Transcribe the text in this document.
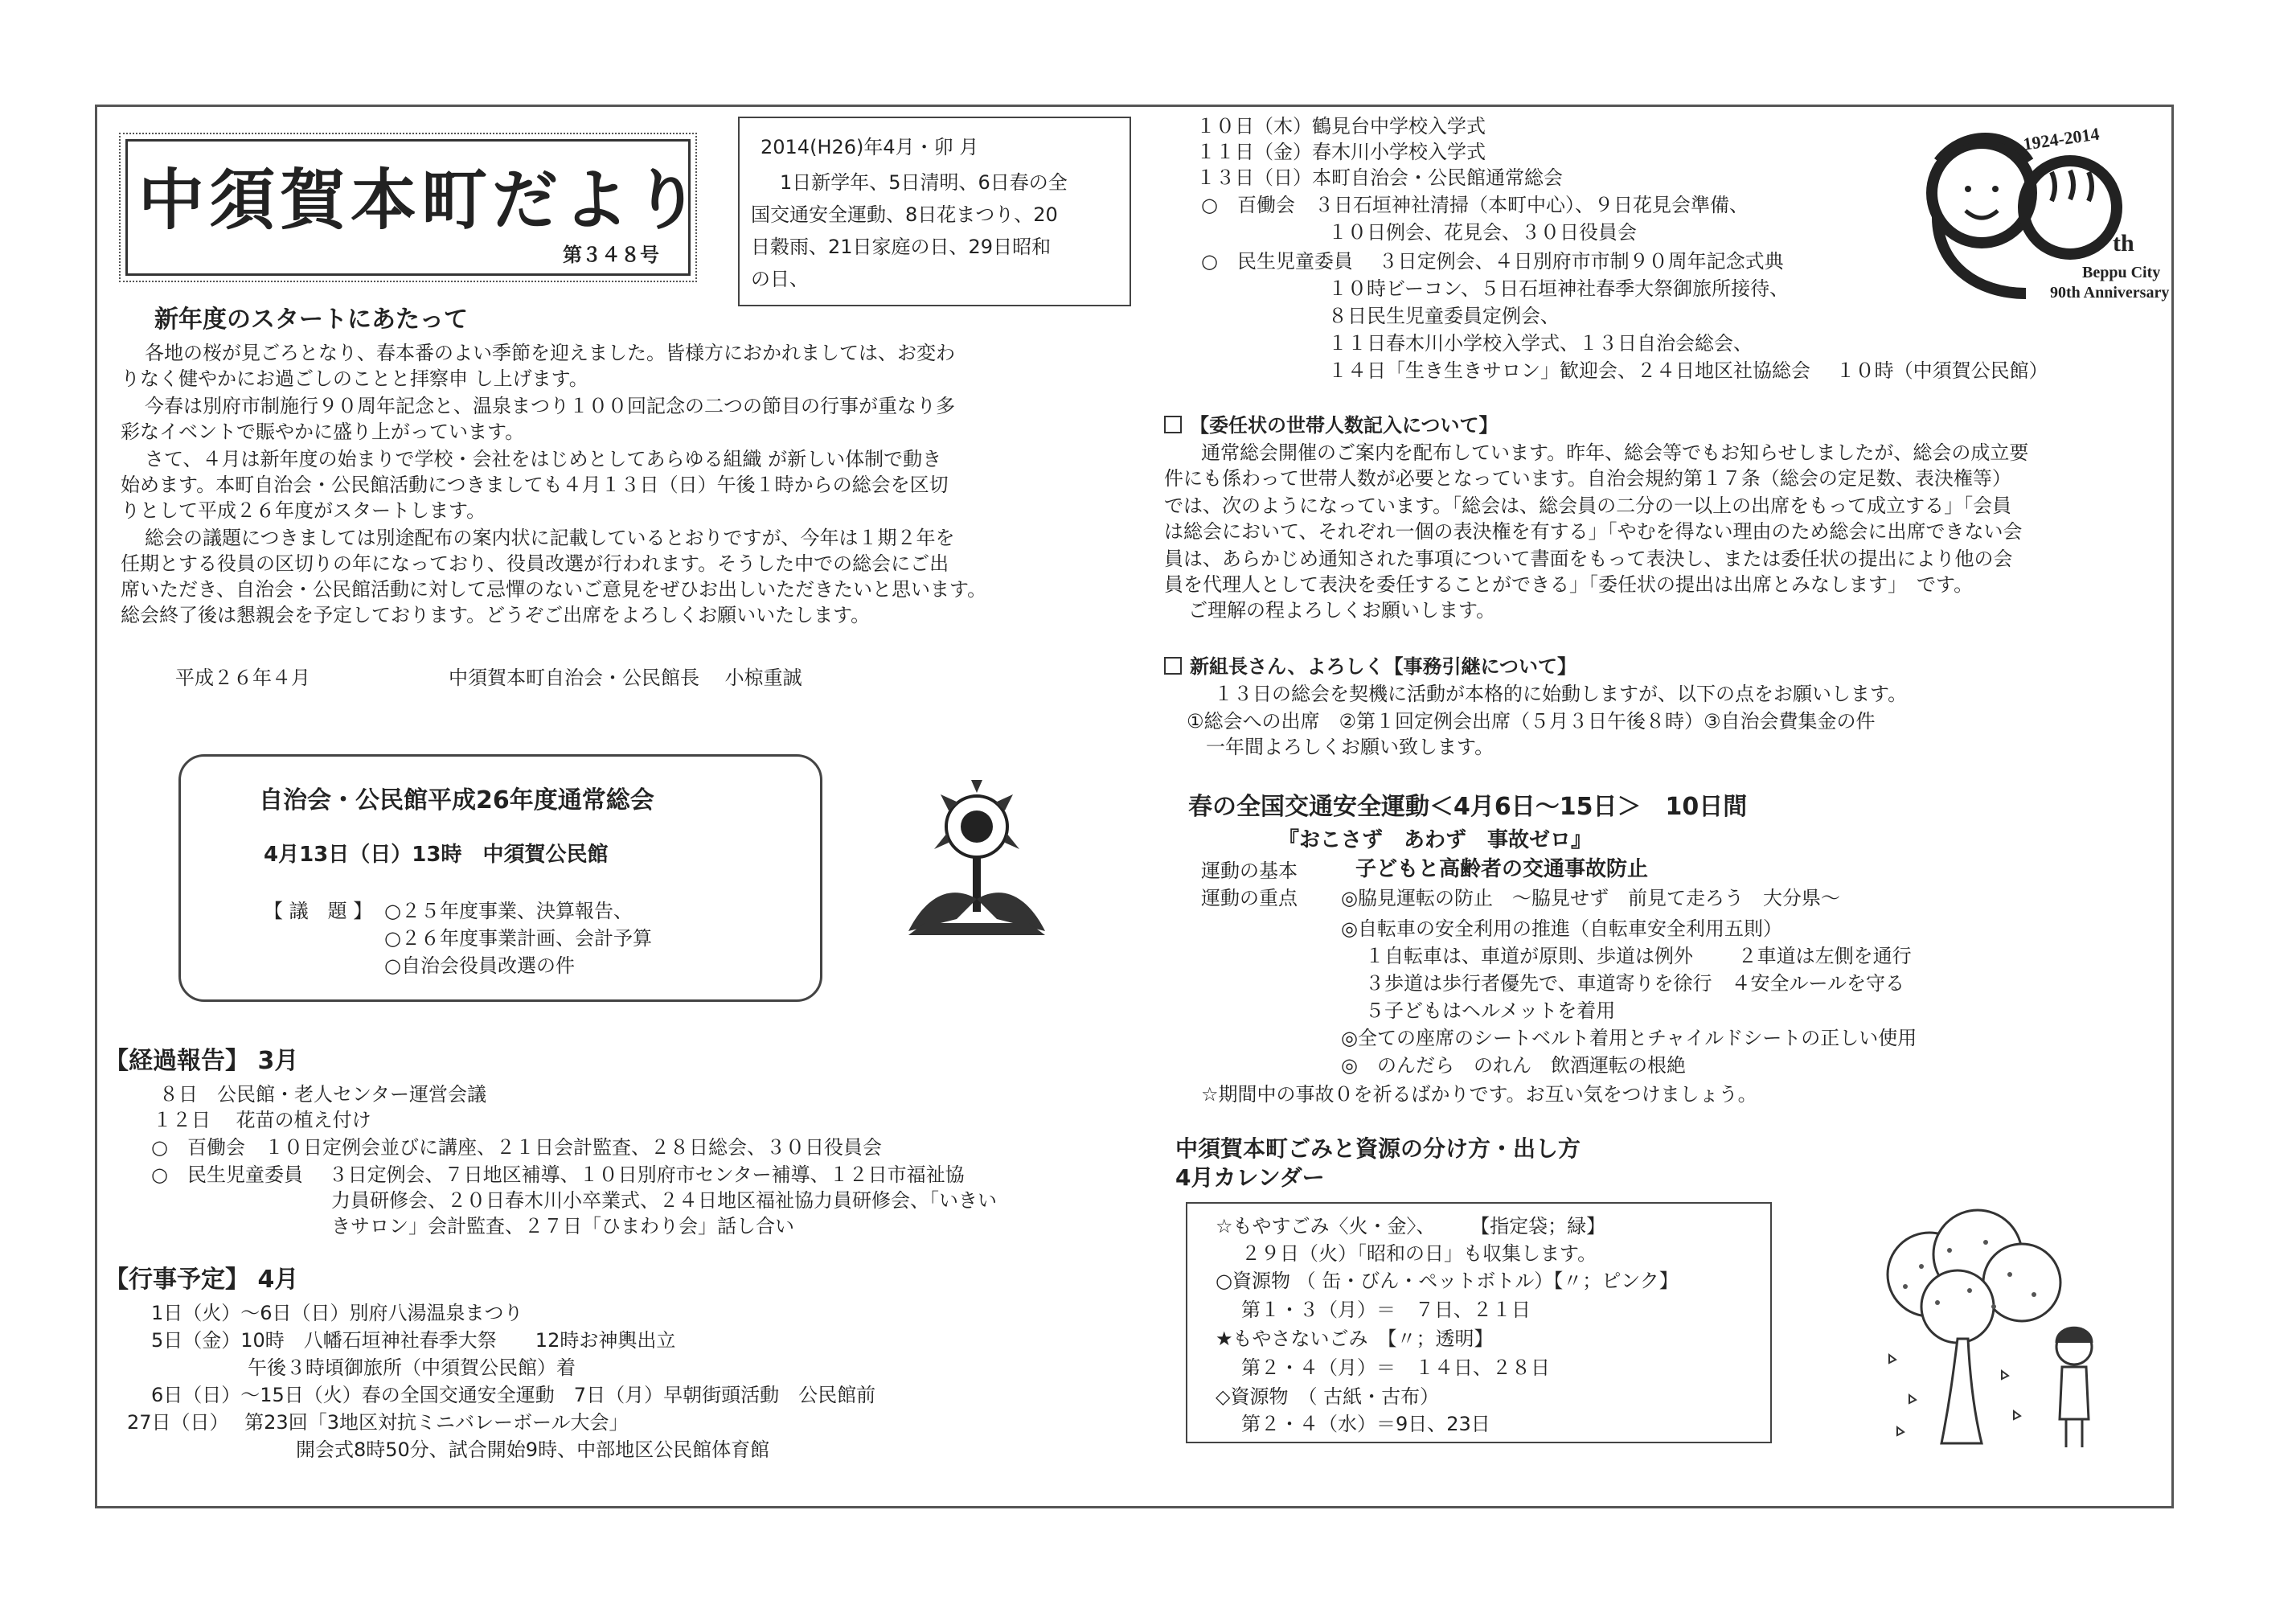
中須賀本町だより
第３４８号
2014(H26)年4月・卯 月
1日新学年、5日清明、6日春の全
国交通安全運動、8日花まつり、20
日穀雨、21日家庭の日、29日昭和
の日、
新年度のスタートにあたって
各地の桜が見ごろとなり、春本番のよい季節を迎えました。皆様方におかれましては、お変わ
りなく健やかにお過ごしのことと拝察申 し上げます。
今春は別府市制施行９０周年記念と、温泉まつり１００回記念の二つの節目の行事が重なり多
彩なイベントで賑やかに盛り上がっています。
さて、４月は新年度の始まりで学校・会社をはじめとしてあらゆる組織 が新しい体制で動き
始めます。本町自治会・公民館活動につきましても４月１３日（日）午後１時からの総会を区切
りとして平成２６年度がスタートします。
総会の議題につきましては別途配布の案内状に記載しているとおりですが、今年は１期２年を
任期とする役員の区切りの年になっており、役員改選が行われます。そうした中での総会にご出
席いただき、自治会・公民館活動に対して忌憚のないご意見をぜひお出しいただきたいと思います。
総会終了後は懇親会を予定しております。どうぞご出席をよろしくお願いいたします。
平成２６年４月	中須賀本町自治会・公民館長　 小椋重誠
自治会・公民館平成26年度通常総会
4月13日（日）13時　中須賀公民館
【 議　題 】 ○２５年度事業、決算報告、
○２６年度事業計画、会計予算
○自治会役員改選の件
【経過報告】 3月
８日　公民館・老人センター運営会議
１２日　 花苗の植え付け
○　百働会　１０日定例会並びに講座、２１日会計監査、２８日総会、３０日役員会
○　民生児童委員　 ３日定例会、７日地区補導、１０日別府市センター補導、１２日市福祉協
力員研修会、２０日春木川小卒業式、２４日地区福祉協力員研修会、「いきい
きサロン」会計監査、２７日「ひまわり会」話し合い
【行事予定】 4月
1日（火）～6日（日）別府八湯温泉まつり
5日（金）10時　八幡石垣神社春季大祭　　12時お神輿出立
午後３時頃御旅所（中須賀公民館）着
6日（日）～15日（火）春の全国交通安全運動　7日（月）早朝街頭活動　公民館前
27日（日）　 第23回「3地区対抗ミニバレーボール大会」
開会式8時50分、試合開始9時、中部地区公民館体育館
１０日（木）鶴見台中学校入学式
１１日（金）春木川小学校入学式
１３日（日）本町自治会・公民館通常総会
○　百働会　３日石垣神社清掃（本町中心）、９日花見会準備、
１０日例会、花見会、３０日役員会
○　民生児童委員　 ３日定例会、４日別府市市制９０周年記念式典
１０時ビーコン、５日石垣神社春季大祭御旅所接待、
８日民生児童委員定例会、
１１日春木川小学校入学式、１３日自治会総会、
１４日「生き生きサロン」歓迎会、２４日地区社協総会　 １０時（中須賀公民館）
1924-2014
th
Beppu City
90th Anniversary
【委任状の世帯人数記入について】
通常総会開催のご案内を配布しています。昨年、総会等でもお知らせしましたが、総会の成立要
件にも係わって世帯人数が必要となっています。自治会規約第１７条（総会の定足数、表決権等）
では、次のようになっています。「総会は、総会員の二分の一以上の出席をもって成立する」「会員
は総会において、それぞれ一個の表決権を有する」「やむを得ない理由のため総会に出席できない会
員は、あらかじめ通知された事項について書面をもって表決し、または委任状の提出により他の会
員を代理人として表決を委任することができる」「委任状の提出は出席とみなします」　です。
ご理解の程よろしくお願いします。
新組長さん、よろしく【事務引継について】
１３日の総会を契機に活動が本格的に始動しますが、以下の点をお願いします。
①総会への出席　②第１回定例会出席（５月３日午後８時）③自治会費集金の件
一年間よろしくお願い致します。
春の全国交通安全運動＜4月6日～15日＞　10日間
『おこさず　あわず　事故ゼロ』
運動の基本	子どもと高齢者の交通事故防止
運動の重点 ◎脇見運転の防止　～脇見せず　前見て走ろう　大分県～
◎自転車の安全利用の推進（自転車安全利用五則）
１自転車は、車道が原則、歩道は例外　　 ２車道は左側を通行
３歩道は歩行者優先で、車道寄りを徐行　４安全ルールを守る
５子どもはヘルメットを着用
◎全ての座席のシートベルト着用とチャイルドシートの正しい使用
◎　のんだら　のれん　飲酒運転の根絶
☆期間中の事故０を祈るばかりです。お互い気をつけましょう。
中須賀本町ごみと資源の分け方・出し方
4月カレンダー
☆もやすごみ〈火・金〉、　　 【指定袋；緑】
２９日（火）「昭和の日」も収集します。
○資源物 （ 缶・びん・ペットボトル）【〃；ピンク】
第１・３（月）＝　７日、２１日
★もやさないごみ　【〃；透明】
第２・４（月）＝　１４日、２８日
◇資源物　（ 古紙・古布）
第２・４（水）＝9日、23日
